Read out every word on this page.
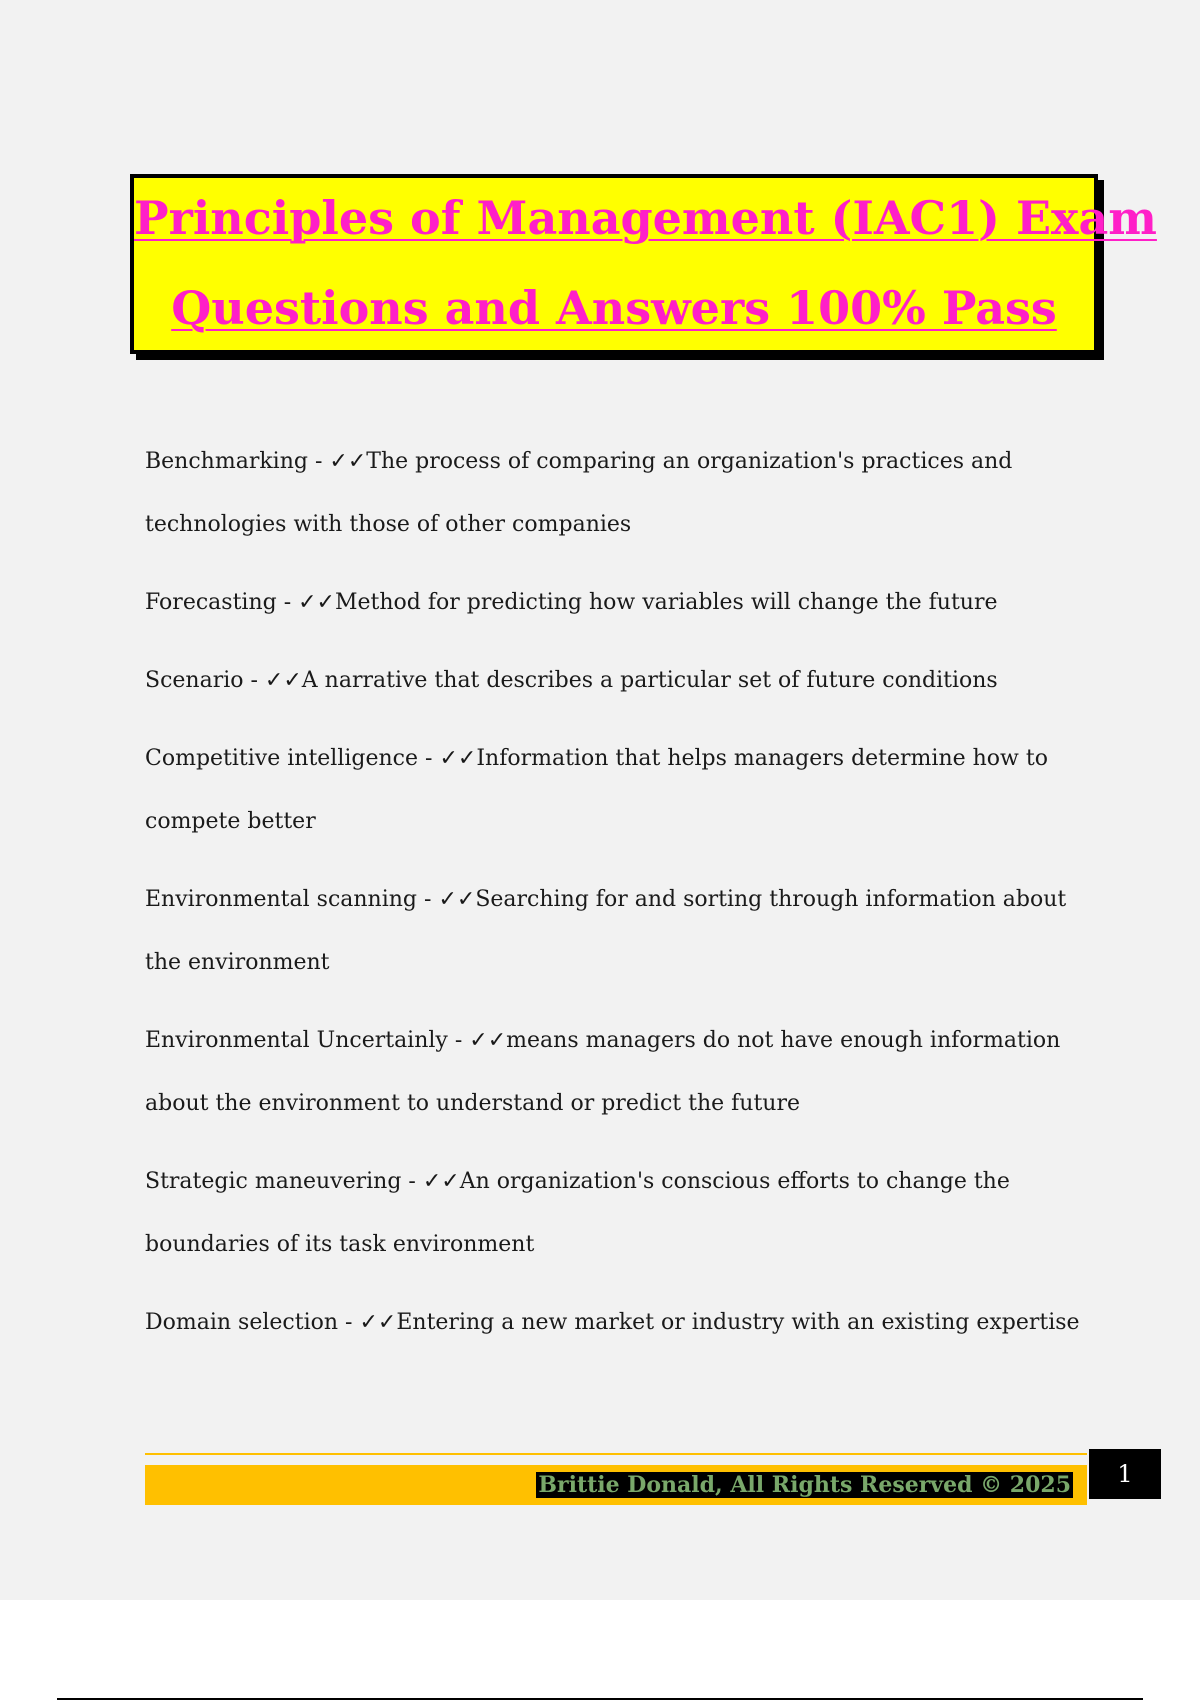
Principles of Management (IAC1) Exam
Questions and Answers 100% Pass
Benchmarking - ✓✓The process of comparing an organization's practices and technologies with those of other companies
Forecasting - ✓✓Method for predicting how variables will change the future
Scenario - ✓✓A narrative that describes a particular set of future conditions
Competitive intelligence - ✓✓Information that helps managers determine how to compete better
Environmental scanning - ✓✓Searching for and sorting through information about the environment
Environmental Uncertainly - ✓✓means managers do not have enough information about the environment to understand or predict the future
Strategic maneuvering - ✓✓An organization's conscious efforts to change the boundaries of its task environment
Domain selection - ✓✓Entering a new market or industry with an existing expertise
Brittie Donald, All Rights Reserved © 2025	1
